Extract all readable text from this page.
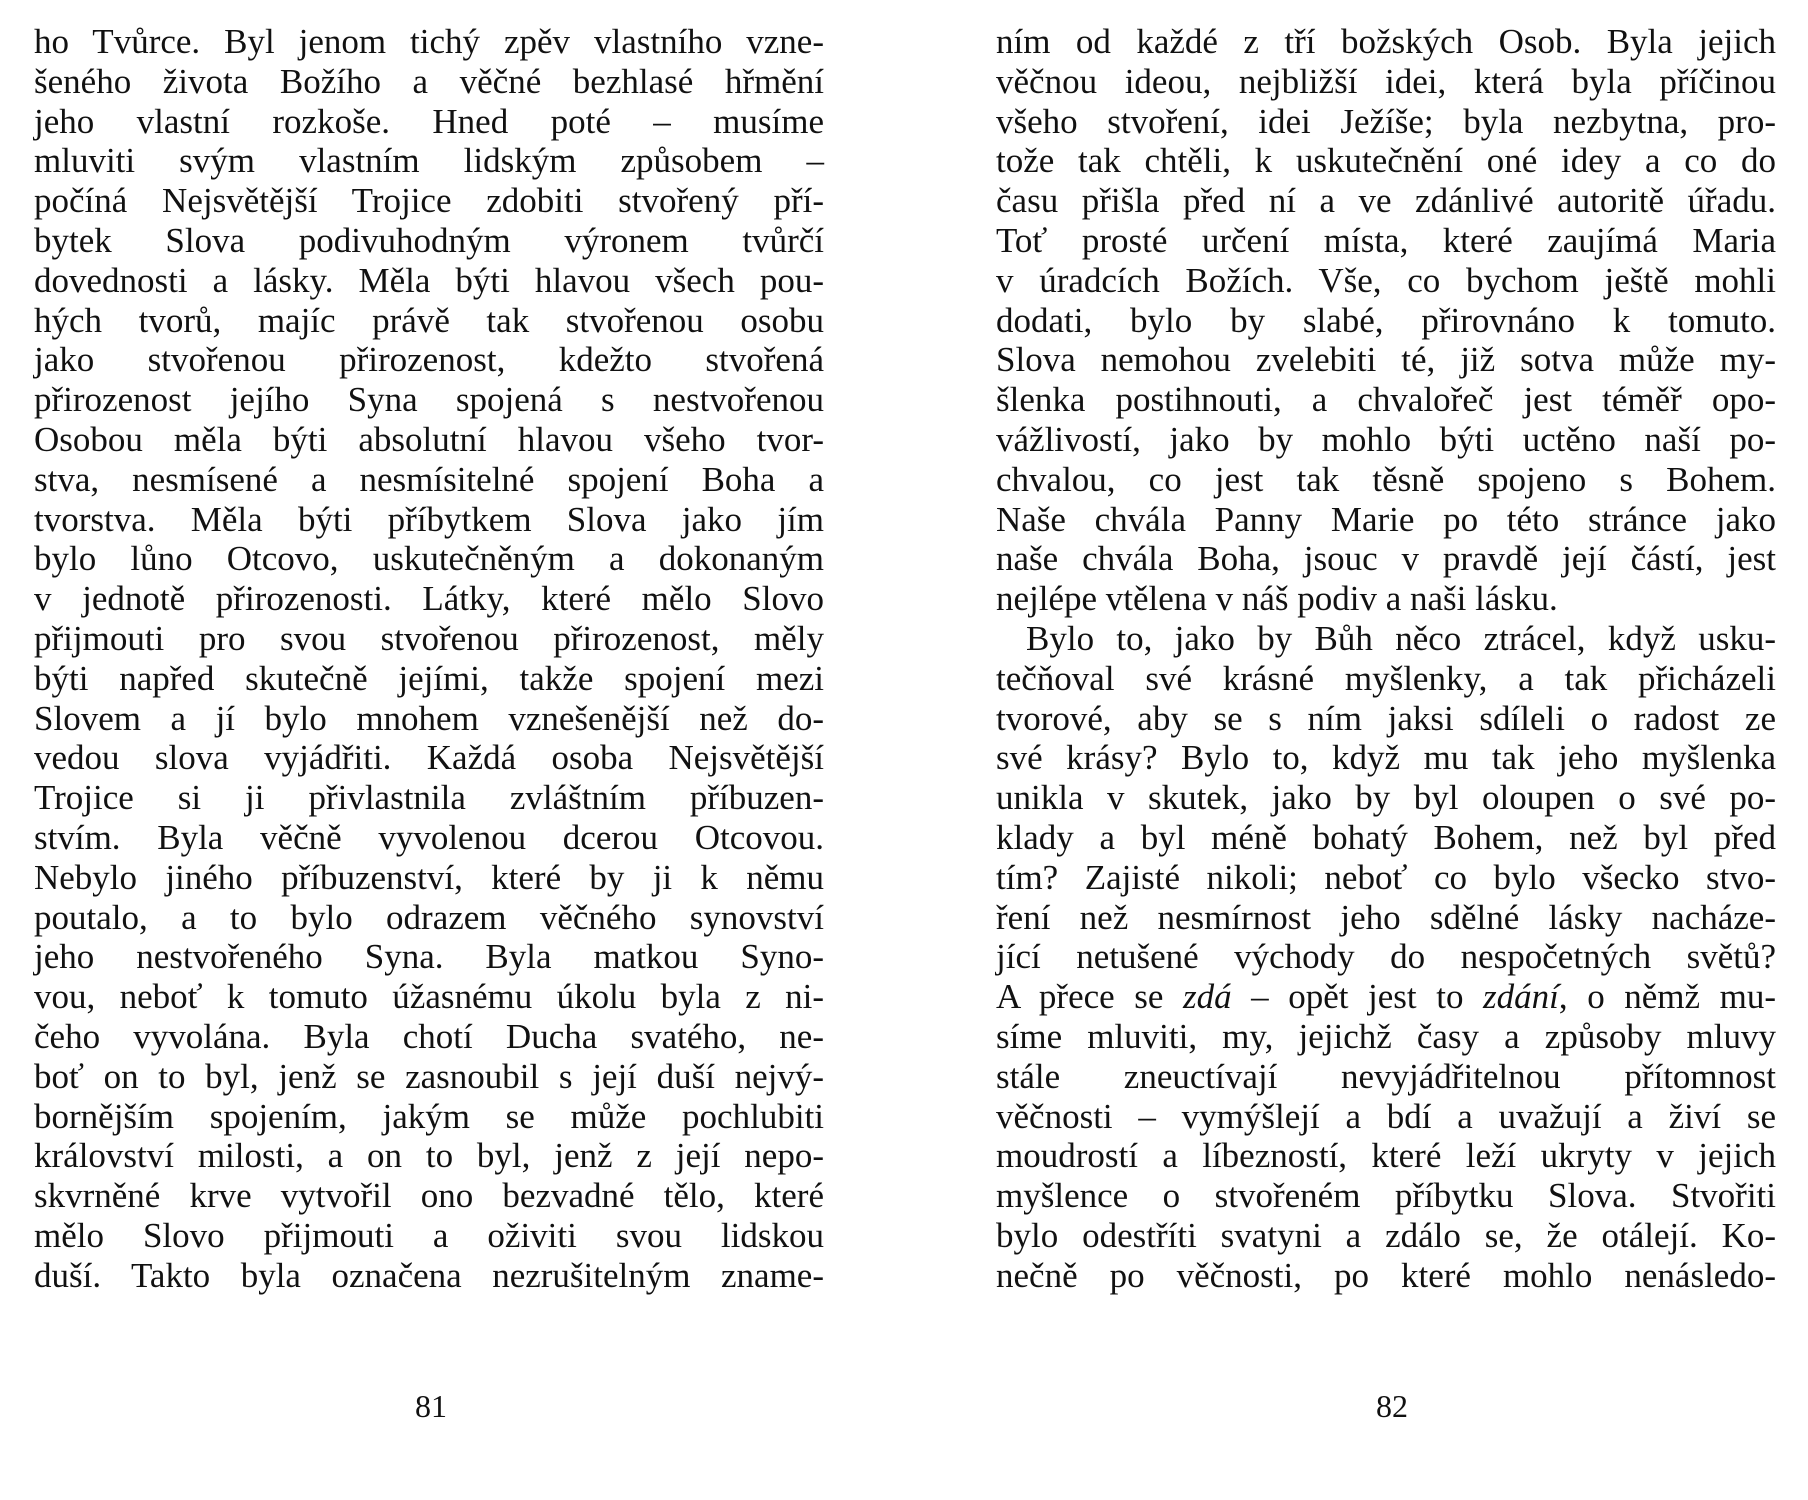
ho Tvůrce. Byl jenom tichý zpěv vlastního vzne-
šeného života Božího a věčné bezhlasé hřmění
jeho vlastní rozkoše. Hned poté – musíme
mluviti svým vlastním lidským způsobem –
počíná Nejsvětější Trojice zdobiti stvořený pří-
bytek Slova podivuhodným výronem tvůrčí
dovednosti a lásky. Měla býti hlavou všech pou-
hých tvorů, majíc právě tak stvořenou osobu
jako stvořenou přirozenost, kdežto stvořená
přirozenost jejího Syna spojená s nestvořenou
Osobou měla býti absolutní hlavou všeho tvor-
stva, nesmísené a nesmísitelné spojení Boha a
tvorstva. Měla býti příbytkem Slova jako jím
bylo lůno Otcovo, uskutečněným a dokonaným
v jednotě přirozenosti. Látky, které mělo Slovo
přijmouti pro svou stvořenou přirozenost, měly
býti napřed skutečně jejími, takže spojení mezi
Slovem a jí bylo mnohem vznešenější než do-
vedou slova vyjádřiti. Každá osoba Nejsvětější
Trojice si ji přivlastnila zvláštním příbuzen-
stvím. Byla věčně vyvolenou dcerou Otcovou.
Nebylo jiného příbuzenství, které by ji k němu
poutalo, a to bylo odrazem věčného synovství
jeho nestvořeného Syna. Byla matkou Syno-
vou, neboť k tomuto úžasnému úkolu byla z ni-
čeho vyvolána. Byla chotí Ducha svatého, ne-
boť on to byl, jenž se zasnoubil s její duší nejvý-
bornějším spojením, jakým se může pochlubiti
království milosti, a on to byl, jenž z její nepo-
skvrněné krve vytvořil ono bezvadné tělo, které
mělo Slovo přijmouti a oživiti svou lidskou
duší. Takto byla označena nezrušitelným zname-
ním od každé z tří božských Osob. Byla jejich
věčnou ideou, nejbližší idei, která byla příčinou
všeho stvoření, idei Ježíše; byla nezbytna, pro-
tože tak chtěli, k uskutečnění oné idey a co do
času přišla před ní a ve zdánlivé autoritě úřadu.
Toť prosté určení místa, které zaujímá Maria
v úradcích Božích. Vše, co bychom ještě mohli
dodati, bylo by slabé, přirovnáno k tomuto.
Slova nemohou zvelebiti té, již sotva může my-
šlenka postihnouti, a chvalořeč jest téměř opo-
vážlivostí, jako by mohlo býti uctěno naší po-
chvalou, co jest tak těsně spojeno s Bohem.
Naše chvála Panny Marie po této stránce jako
naše chvála Boha, jsouc v pravdě její částí, jest
nejlépe vtělena v náš podiv a naši lásku.
Bylo to, jako by Bůh něco ztrácel, když usku-
tečňoval své krásné myšlenky, a tak přicházeli
tvorové, aby se s ním jaksi sdíleli o radost ze
své krásy? Bylo to, když mu tak jeho myšlenka
unikla v skutek, jako by byl oloupen o své po-
klady a byl méně bohatý Bohem, než byl před
tím? Zajisté nikoli; neboť co bylo všecko stvo-
ření než nesmírnost jeho sdělné lásky nacháze-
jící netušené východy do nespočetných světů?
A přece se zdá – opět jest to zdání, o němž mu-
síme mluviti, my, jejichž časy a způsoby mluvy
stále zneuctívají nevyjádřitelnou přítomnost
věčnosti – vymýšlejí a bdí a uvažují a živí se
moudrostí a líbezností, které leží ukryty v jejich
myšlence o stvořeném příbytku Slova. Stvořiti
bylo odestříti svatyni a zdálo se, že otálejí. Ko-
nečně po věčnosti, po které mohlo nenásledo-
81	82
